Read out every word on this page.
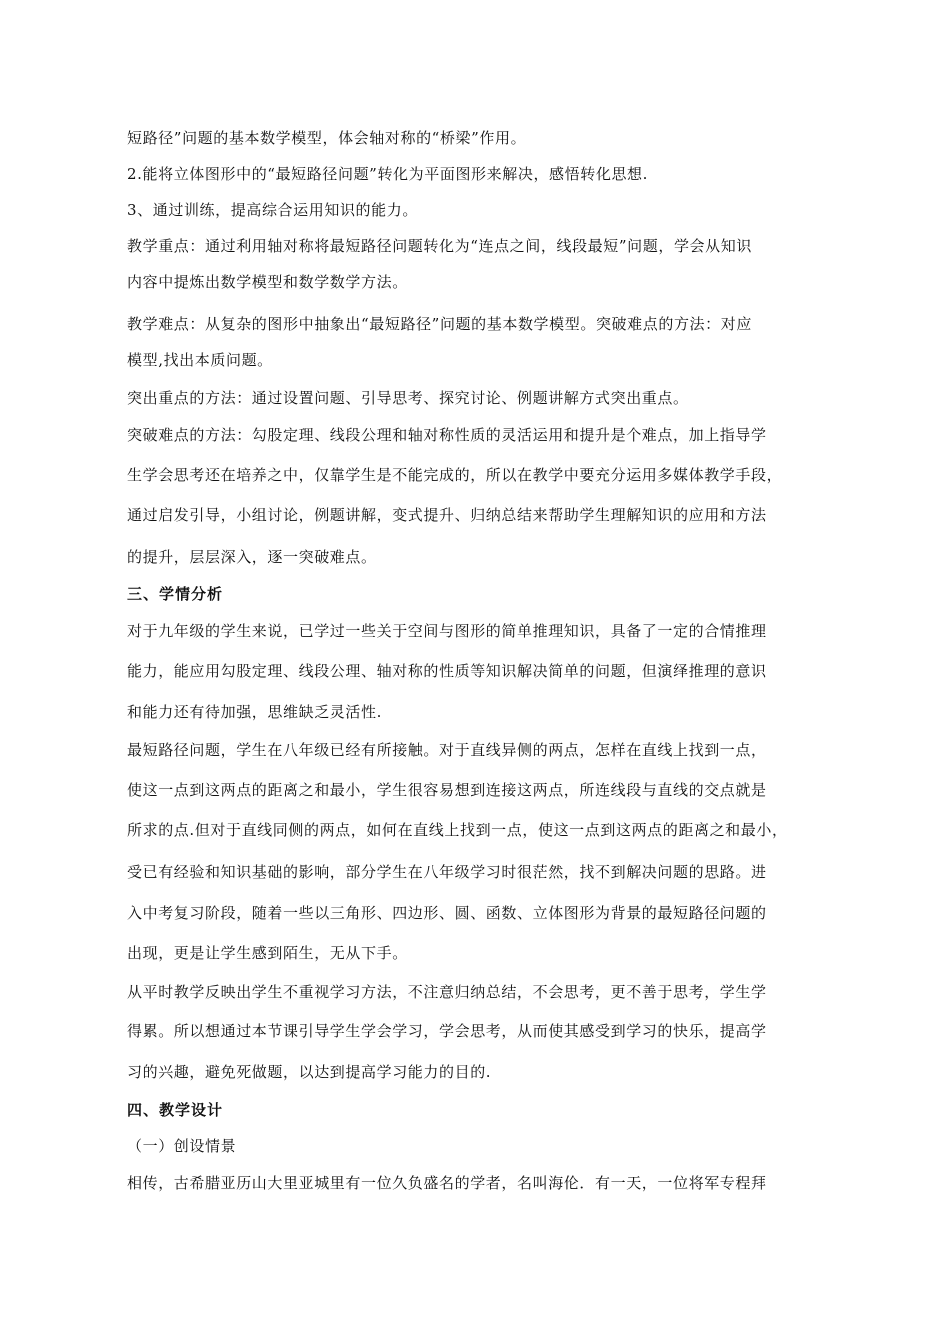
短路径”问题的基本数学模型，体会轴对称的“桥梁”作用。
2.能将立体图形中的“最短路径问题”转化为平面图形来解决，感悟转化思想.
3、通过训练，提高综合运用知识的能力。
教学重点：通过利用轴对称将最短路径问题转化为“连点之间，线段最短”问题，学会从知识
内容中提炼出数学模型和数学数学方法。
教学难点：从复杂的图形中抽象出“最短路径”问题的基本数学模型。突破难点的方法：对应
模型,找出本质问题。
突出重点的方法：通过设置问题、引导思考、探究讨论、例题讲解方式突出重点。
突破难点的方法：勾股定理、线段公理和轴对称性质的灵活运用和提升是个难点，加上指导学
生学会思考还在培养之中，仅靠学生是不能完成的，所以在教学中要充分运用多媒体教学手段，
通过启发引导，小组讨论，例题讲解，变式提升、归纳总结来帮助学生理解知识的应用和方法
的提升，层层深入，逐一突破难点。
三、学情分析
对于九年级的学生来说，已学过一些关于空间与图形的简单推理知识，具备了一定的合情推理
能力，能应用勾股定理、线段公理、轴对称的性质等知识解决简单的问题，但演绎推理的意识
和能力还有待加强，思维缺乏灵活性.
最短路径问题，学生在八年级已经有所接触。对于直线异侧的两点，怎样在直线上找到一点，
使这一点到这两点的距离之和最小，学生很容易想到连接这两点，所连线段与直线的交点就是
所求的点.但对于直线同侧的两点，如何在直线上找到一点，使这一点到这两点的距离之和最小，
受已有经验和知识基础的影响，部分学生在八年级学习时很茫然，找不到解决问题的思路。进
入中考复习阶段，随着一些以三角形、四边形、圆、函数、立体图形为背景的最短路径问题的
出现，更是让学生感到陌生，无从下手。
从平时教学反映出学生不重视学习方法，不注意归纳总结，不会思考，更不善于思考，学生学
得累。所以想通过本节课引导学生学会学习，学会思考，从而使其感受到学习的快乐，提高学
习的兴趣，避免死做题，以达到提高学习能力的目的.
四、教学设计
（一）创设情景
相传，古希腊亚历山大里亚城里有一位久负盛名的学者，名叫海伦．有一天，一位将军专程拜
